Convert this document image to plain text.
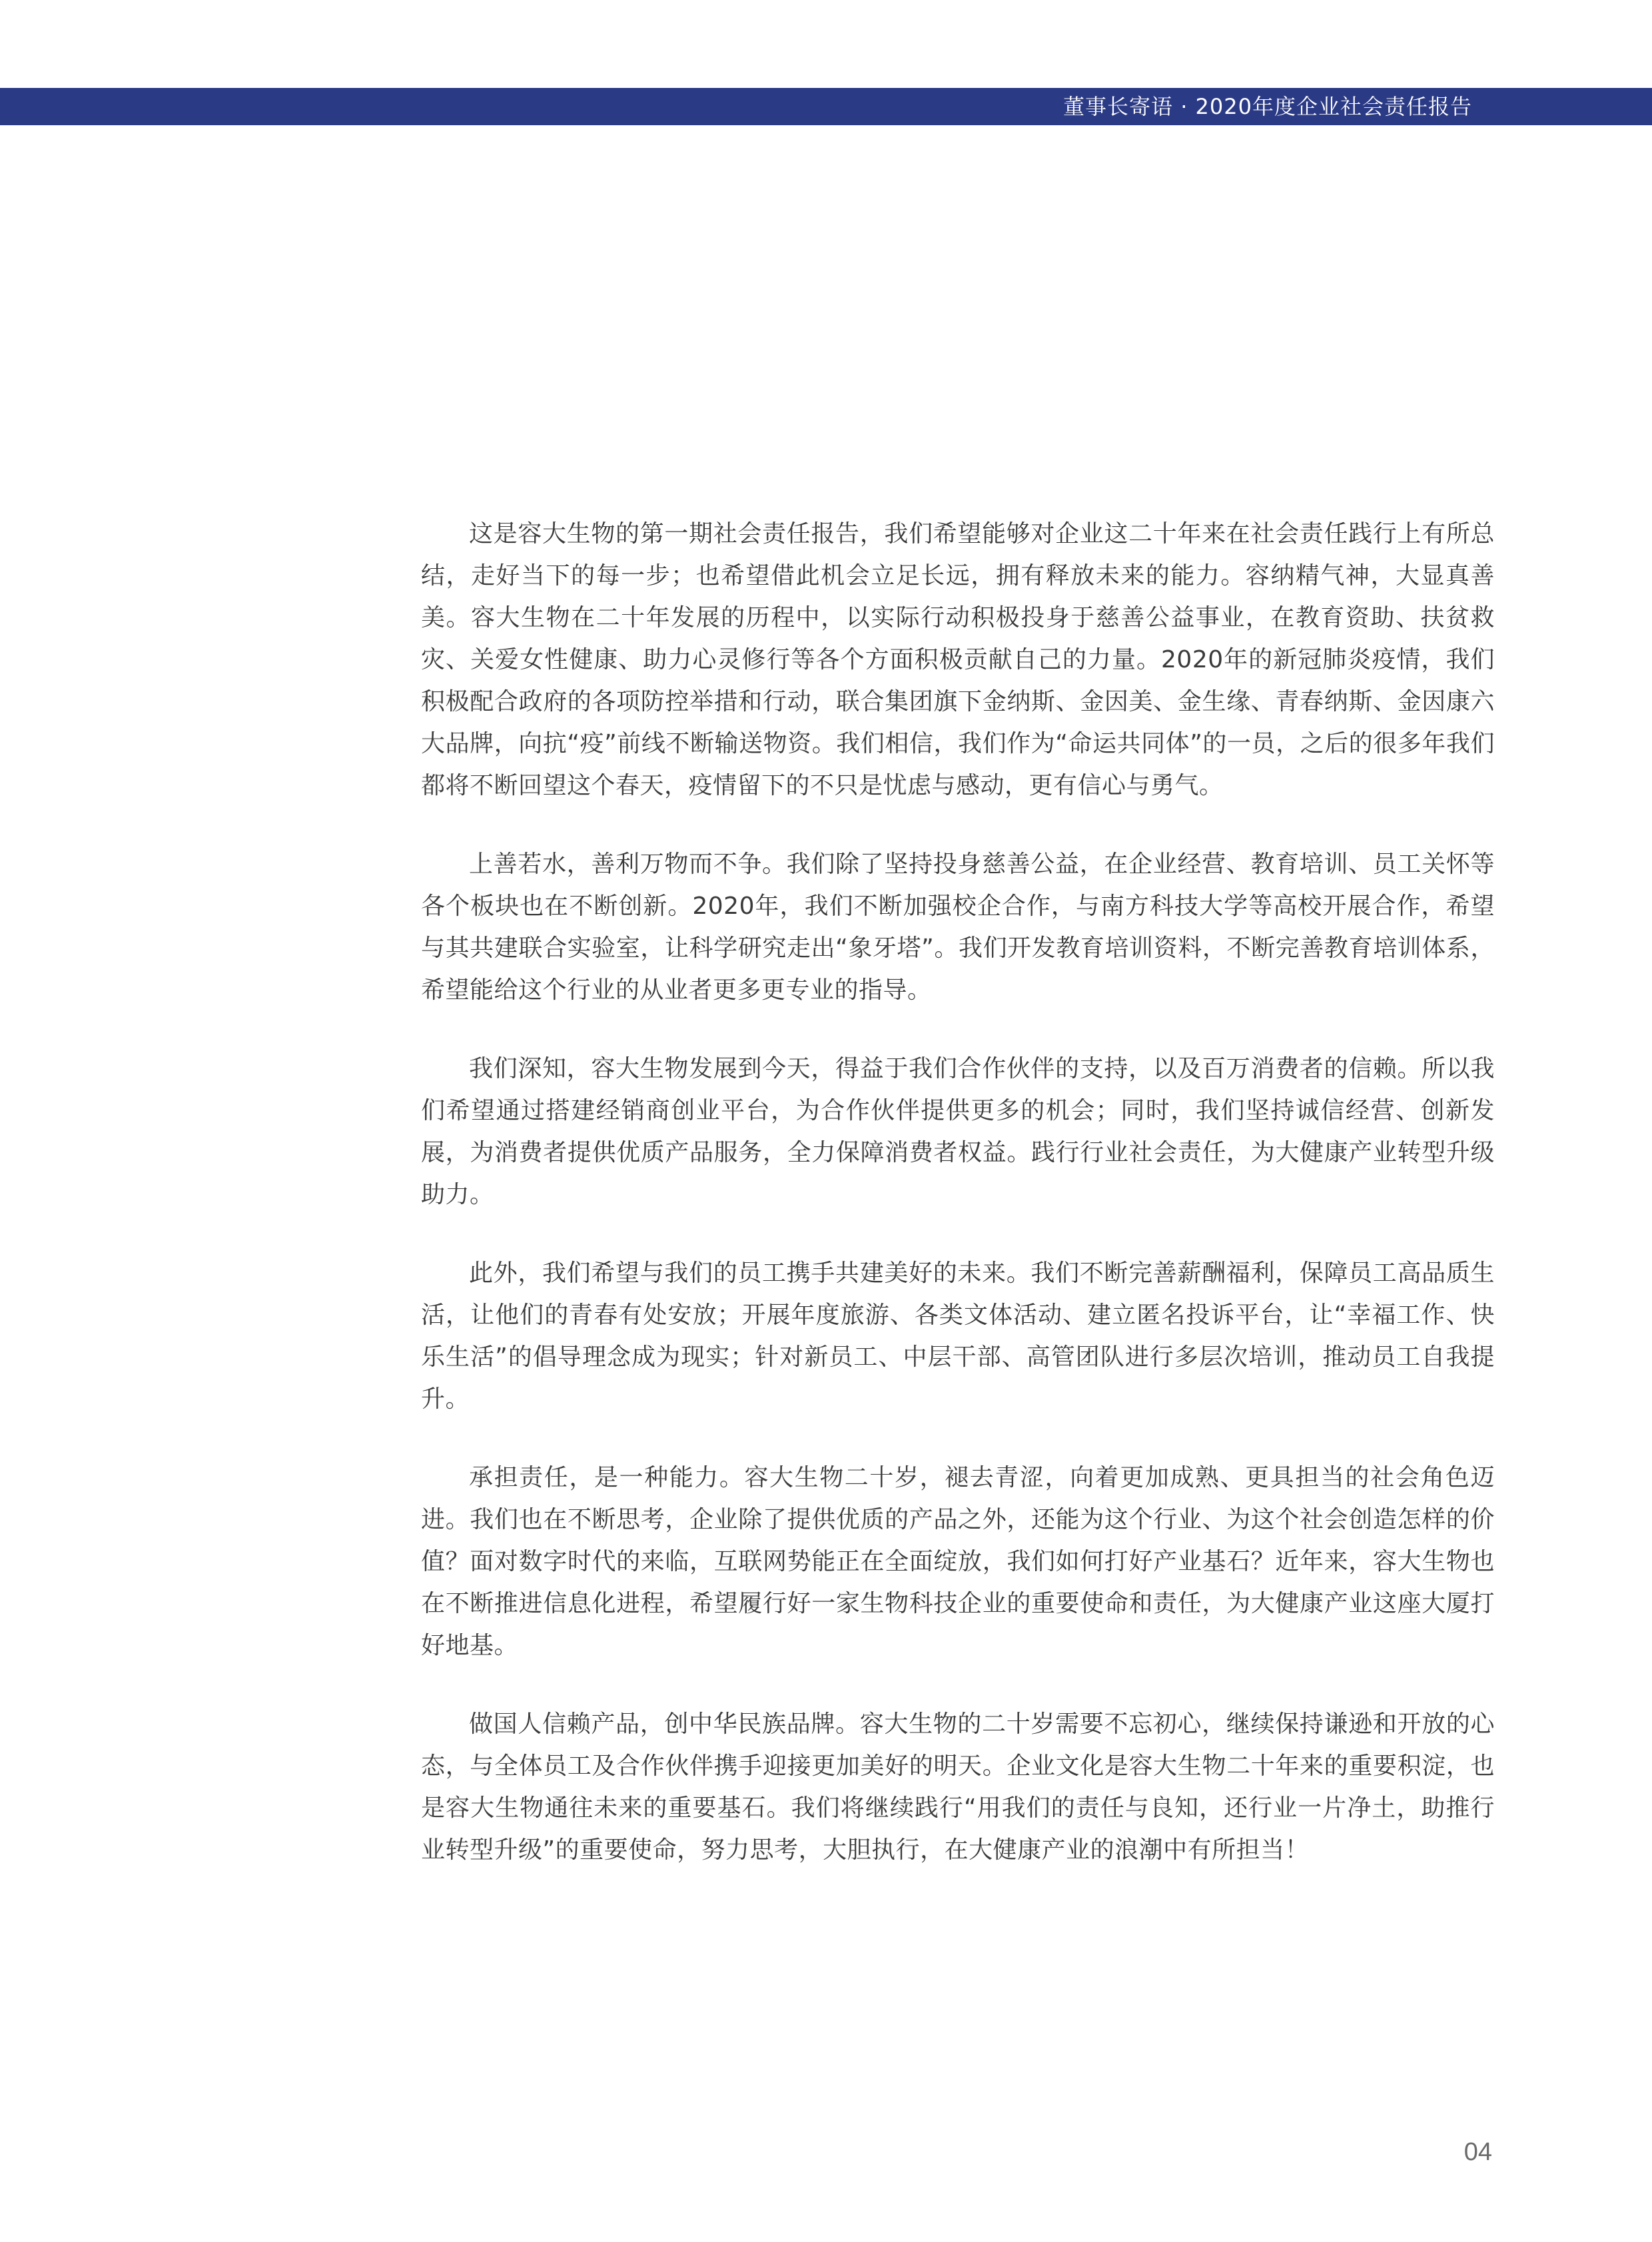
董事长寄语 · 2020年度企业社会责任报告

这是容大生物的第一期社会责任报告，我们希望能够对企业这二十年来在社会责任践行上有所总结，走好当下的每一步；也希望借此机会立足长远，拥有释放未来的能力。容纳精气神，大显真善美。容大生物在二十年发展的历程中，以实际行动积极投身于慈善公益事业，在教育资助、扶贫救灾、关爱女性健康、助力心灵修行等各个方面积极贡献自己的力量。2020年的新冠肺炎疫情，我们积极配合政府的各项防控举措和行动，联合集团旗下金纳斯、金因美、金生缘、青春纳斯、金因康六大品牌，向抗“疫”前线不断输送物资。我们相信，我们作为“命运共同体”的一员，之后的很多年我们都将不断回望这个春天，疫情留下的不只是忧虑与感动，更有信心与勇气。

上善若水，善利万物而不争。我们除了坚持投身慈善公益，在企业经营、教育培训、员工关怀等各个板块也在不断创新。2020年，我们不断加强校企合作，与南方科技大学等高校开展合作，希望与其共建联合实验室，让科学研究走出“象牙塔”。我们开发教育培训资料，不断完善教育培训体系，希望能给这个行业的从业者更多更专业的指导。

我们深知，容大生物发展到今天，得益于我们合作伙伴的支持，以及百万消费者的信赖。所以我们希望通过搭建经销商创业平台，为合作伙伴提供更多的机会；同时，我们坚持诚信经营、创新发展，为消费者提供优质产品服务，全力保障消费者权益。践行行业社会责任，为大健康产业转型升级助力。

此外，我们希望与我们的员工携手共建美好的未来。我们不断完善薪酬福利，保障员工高品质生活，让他们的青春有处安放；开展年度旅游、各类文体活动、建立匿名投诉平台，让“幸福工作、快乐生活”的倡导理念成为现实；针对新员工、中层干部、高管团队进行多层次培训，推动员工自我提升。

承担责任，是一种能力。容大生物二十岁，褪去青涩，向着更加成熟、更具担当的社会角色迈进。我们也在不断思考，企业除了提供优质的产品之外，还能为这个行业、为这个社会创造怎样的价值？面对数字时代的来临，互联网势能正在全面绽放，我们如何打好产业基石？近年来，容大生物也在不断推进信息化进程，希望履行好一家生物科技企业的重要使命和责任，为大健康产业这座大厦打好地基。

做国人信赖产品，创中华民族品牌。容大生物的二十岁需要不忘初心，继续保持谦逊和开放的心态，与全体员工及合作伙伴携手迎接更加美好的明天。企业文化是容大生物二十年来的重要积淀，也是容大生物通往未来的重要基石。我们将继续践行“用我们的责任与良知，还行业一片净土，助推行业转型升级”的重要使命，努力思考，大胆执行，在大健康产业的浪潮中有所担当！

04
